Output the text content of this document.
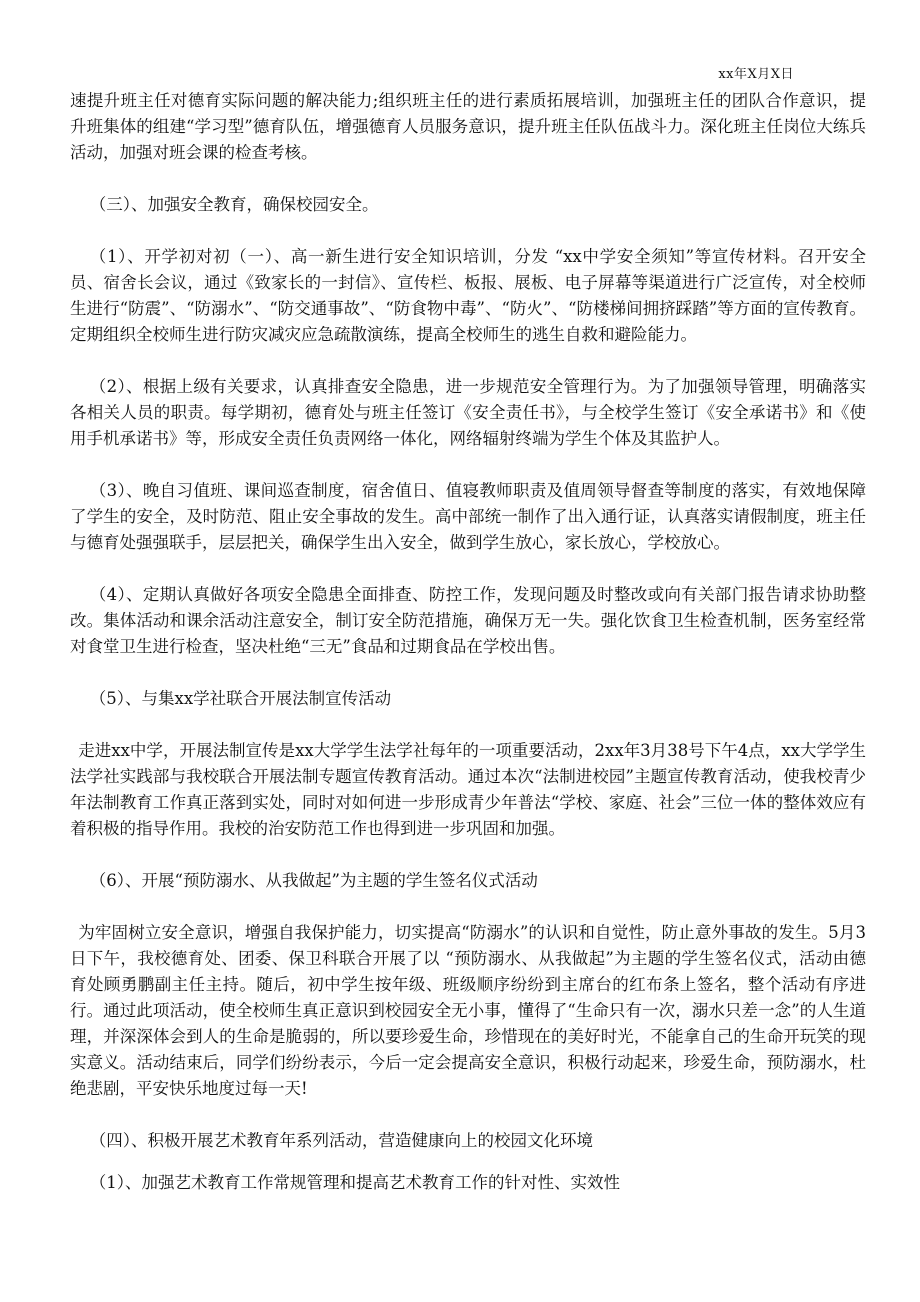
xx年X月X日

速提升班主任对德育实际问题的解决能力;组织班主任的进行素质拓展培训，加强班主任的团队合作意识，提升班集体的组建“学习型”德育队伍，增强德育人员服务意识，提升班主任队伍战斗力。深化班主任岗位大练兵活动，加强对班会课的检查考核。

（三）、加强安全教育，确保校园安全。

（1）、开学初对初（一）、高一新生进行安全知识培训，分发 “xx中学安全须知”等宣传材料。召开安全员、宿舍长会议，通过《致家长的一封信》、宣传栏、板报、展板、电子屏幕等渠道进行广泛宣传，对全校师生进行“防震”、“防溺水”、“防交通事故”、“防食物中毒”、“防火”、“防楼梯间拥挤踩踏”等方面的宣传教育。定期组织全校师生进行防灾减灾应急疏散演练，提高全校师生的逃生自救和避险能力。

（2）、根据上级有关要求，认真排查安全隐患，进一步规范安全管理行为。为了加强领导管理，明确落实各相关人员的职责。每学期初，德育处与班主任签订《安全责任书》，与全校学生签订《安全承诺书》和《使用手机承诺书》等，形成安全责任负责网络一体化，网络辐射终端为学生个体及其监护人。

（3）、晚自习值班、课间巡查制度，宿舍值日、值寝教师职责及值周领导督查等制度的落实，有效地保障了学生的安全，及时防范、阻止安全事故的发生。高中部统一制作了出入通行证，认真落实请假制度，班主任与德育处强强联手，层层把关，确保学生出入安全，做到学生放心，家长放心，学校放心。

（4）、定期认真做好各项安全隐患全面排查、防控工作，发现问题及时整改或向有关部门报告请求协助整改。集体活动和课余活动注意安全，制订安全防范措施，确保万无一失。强化饮食卫生检查机制，医务室经常对食堂卫生进行检查，坚决杜绝“三无”食品和过期食品在学校出售。

（5）、与集xx学社联合开展法制宣传活动

走进xx中学，开展法制宣传是xx大学学生法学社每年的一项重要活动，2xx年3月38号下午4点，xx大学学生法学社实践部与我校联合开展法制专题宣传教育活动。通过本次“法制进校园”主题宣传教育活动，使我校青少年法制教育工作真正落到实处，同时对如何进一步形成青少年普法“学校、家庭、社会”三位一体的整体效应有着积极的指导作用。我校的治安防范工作也得到进一步巩固和加强。

（6）、开展“预防溺水、从我做起”为主题的学生签名仪式活动

为牢固树立安全意识，增强自我保护能力，切实提高“防溺水”的认识和自觉性，防止意外事故的发生。5月3日下午，我校德育处、团委、保卫科联合开展了以 “预防溺水、从我做起”为主题的学生签名仪式，活动由德育处顾勇鹏副主任主持。随后，初中学生按年级、班级顺序纷纷到主席台的红布条上签名，整个活动有序进行。通过此项活动，使全校师生真正意识到校园安全无小事，懂得了“生命只有一次，溺水只差一念”的人生道理，并深深体会到人的生命是脆弱的，所以要珍爱生命，珍惜现在的美好时光，不能拿自己的生命开玩笑的现实意义。活动结束后，同学们纷纷表示，今后一定会提高安全意识，积极行动起来，珍爱生命，预防溺水，杜绝悲剧，平安快乐地度过每一天!

（四）、积极开展艺术教育年系列活动，营造健康向上的校园文化环境

（1）、加强艺术教育工作常规管理和提高艺术教育工作的针对性、实效性
